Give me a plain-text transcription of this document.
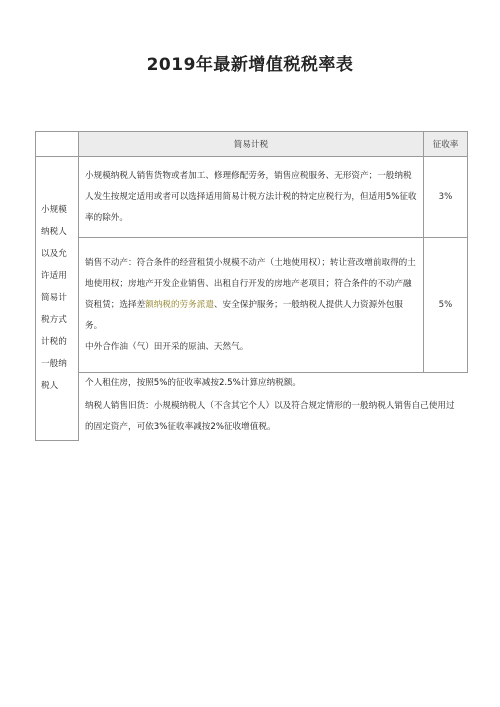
2019年最新增值税税率表
	简易计税	征收率
小规模纳税人以及允许适用简易计税方式计税的一般纳税人	小规模纳税人销售货物或者加工、修理修配劳务，销售应税服务、无形资产；一般纳税人发生按规定适用或者可以选择适用简易计税方法计税的特定应税行为，但适用5%征收率的除外。	3%
	销售不动产：符合条件的经营租赁小规模不动产（土地使用权）；转让营改增前取得的土地使用权；房地产开发企业销售、出租自行开发的房地产老项目；符合条件的不动产融资租赁；选择差额纳税的劳务派遣、安全保护服务；一般纳税人提供人力资源外包服务。
中外合作油（气）田开采的原油、天然气。	5%

	个人租住房，按照5%的征收率减按2.5%计算应纳税额。
纳税人销售旧货：小规模纳税人（不含其它个人）以及符合规定情形的一般纳税人销售自己使用过的固定资产，可依3%征收率减按2%征收增值税。	
